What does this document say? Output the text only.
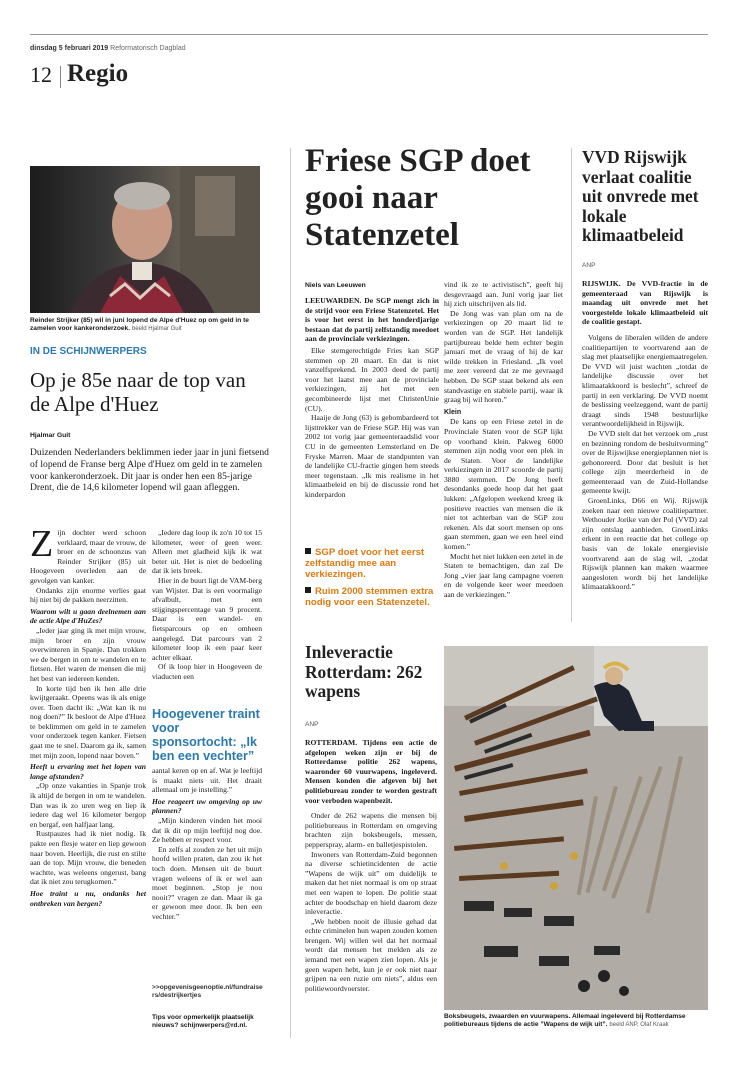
dinsdag 5 februari 2019 Reformatorisch Dagblad
12 Regio
Reinder Strijker (85) wil in juni lopend de Alpe d'Huez op om geld in te zamelen voor kankeronderzoek. beeld Hjalmar Guit
IN DE SCHIJNWERPERS
Op je 85e naar de top van de Alpe d'Huez
Hjalmar Guit
Duizenden Nederlanders beklimmen ieder jaar in juni fietsend of lopend de Franse berg Alpe d'Huez om geld in te zamelen voor kankeronderzoek. Dit jaar is onder hen een 85-jarige Drent, die de 14,6 kilometer lopend wil gaan afleggen.
Z ijn dochter werd schoon verklaard, maar de vrouw, de broer en de schoonzus van Reinder Strijker (85) uit Hoogeveen overleden aan de gevolgen van kanker.

Ondanks zijn enorme verlies gaat hij niet bij de pakken neerzitten.

Waarom wilt u gaan deelnemen aan de actie Alpe d'HuZes?

„Ieder jaar ging ik met mijn vrouw, mijn broer en zijn vrouw overwinteren in Spanje. Dan trokken we de bergen in om te wandelen en te fietsen. Het waren de mensen die mij het best van iedereen kenden.

In korte tijd ben ik hen alle drie kwijtgeraakt. Opeens was ik als enige over. Toen dacht ik: „Wat kan ik nu nog doen?” Ik besloot de Alpe d'Huez te beklimmen om geld in te zamelen voor onderzoek tegen kanker. Fietsen gaat me te snel. Daarom ga ik, samen met mijn zoon, lopend naar boven.”

Heeft u ervaring met het lopen van lange afstanden?

„Op onze vakanties in Spanje trok ik altijd de bergen in om te wandelen. Dan was ik zo uren weg en liep ik iedere dag wel 16 kilometer bergop en bergaf, een halfjaar lang.

Rustpauzes had ik niet nodig. Ik pakte een flesje water en liep gewoon naar boven. Heerlijk, die rust en stilte aan de top. Mijn vrouw, die beneden wachtte, was weleens ongerust, bang dat ik niet zou terugkomen.”

Hoe traint u nu, ondanks het ontbreken van bergen?

„Iedere dag loop ik zo'n 10 tot 15 kilometer, weer of geen weer. Alleen met gladheid kijk ik wat beter uit. Het is niet de bedoeling dat ik iets breek.

Hier in de buurt ligt de VAM-berg van Wijster. Dat is een voormalige afvalbult, met een stijgingspercentage van 9 procent. Daar is een wandel- en fietsparcours op en omheen aangelegd. Dat parcours van 2 kilometer loop ik een paar keer achter elkaar.

Of ik loop hier in Hoogeveen de viaducten een

Hoogevener traint voor sponsortocht: „Ik ben een vechter”

aantal keren op en af. Wat je leeftijd is maakt niets uit. Het draait allemaal om je instelling.”

Hoe reageert uw omgeving op uw plannen?

„Mijn kinderen vinden het mooi dat ik dit op mijn leeftijd nog doe. Ze hebben er respect voor.

En zelfs al zouden ze het uit mijn hoofd willen praten, dan zou ik het toch doen. Mensen uit de buurt vragen weleens of ik er wel aan moet beginnen. „Stop je nou nooit?” vragen ze dan. Maar ik ga er gewoon mee door. Ik ben een vechter.”

>>opgevenisgeenoptie.nl/fundraisers/destrijkertjes
Tips voor opmerkelijk plaatselijk nieuws? schijnwerpers@rd.nl.
Friese SGP doet gooi naar Statenzetel
Niels van Leeuwen

LEEUWARDEN. De SGP mengt zich in de strijd voor een Friese Statenzetel. Het is voor het eerst in het honderdjarige bestaan dat de partij zelfstandig meedoet aan de provinciale verkiezingen.

Elke stemgerechtigde Fries kan SGP stemmen op 20 maart. En dat is niet vanzelfsprekend. In 2003 deed de partij voor het laatst mee aan de provinciale verkiezingen, zij het met een gecombineerde lijst met ChristenUnie (CU).

Haaije de Jong (63) is gebombardeerd tot lijsttrekker van de Friese SGP. Hij was van 2002 tot vorig jaar gemeenteraadslid voor CU in de gemeenten Lemsterland en De Fryske Marren. Maar de standpunten van de landelijke CU-fractie gingen hem steeds meer tegenstaan. „Ik mis realisme in het klimaatbeleid en bij de discussie rond het kinderpardon

SGP doet voor het eerst zelfstandig mee aan verkiezingen.

Ruim 2000 stemmen extra nodig voor een Statenzetel.

vind ik ze te activistisch”, geeft hij desgevraagd aan. Juni vorig jaar liet hij zich uitschrijven als lid.

De Jong was van plan om na de verkiezingen op 20 maart lid te worden van de SGP. Het landelijk partijbureau belde hem echter begin januari met de vraag of hij de kar wilde trekken in Friesland. „Ik voel me zeer vereerd dat ze me gevraagd hebben. De SGP staat bekend als een standvastige en stabiele partij, waar ik graag bij wil horen.”

Klein

De kans op een Friese zetel in de Provinciale Staten voor de SGP lijkt op voorhand klein. Pakweg 6000 stemmen zijn nodig voor een plek in de Staten. Voor de landelijke verkiezingen in 2017 scoorde de partij 3880 stemmen. De Jong heeft desondanks goede hoop dat het gaat lukken: „Afgelopen weekend kreeg ik positieve reacties van mensen die ik niet tot achterban van de SGP zou rekenen. Als dat soort mensen op ons gaan stemmen, gaan we een heel eind komen.”

Mocht het niet lukken een zetel in de Staten te bemachtigen, dan zal De Jong „vier jaar lang campagne voeren en de volgende keer weer meedoen aan de verkiezingen.”

VVD Rijswijk verlaat coalitie uit onvrede met lokale klimaatbeleid
ANP

RIJSWIJK. De VVD-fractie in de gemeenteraad van Rijswijk is maandag uit onvrede met het voorgestelde lokale klimaatbeleid uit de coalitie gestapt.

Volgens de liberalen wilden de andere coalitiepartijen te voortvarend aan de slag met plaatselijke energiemaatregelen. De VVD wil juist wachten „totdat de landelijke discussie over het klimaatakkoord is beslecht”, schreef de partij in een verklaring. De VVD noemt de beslissing veelzeggend, want de partij draagt sinds 1948 bestuurlijke verantwoordelijkheid in Rijswijk.

De VVD stelt dat het verzoek om „rust en bezinning rondom de besluitvorming” over de Rijswijkse energieplannen niet is gehonoreerd. Door dat besluit is het college zijn meerderheid in de gemeenteraad van de Zuid-Hollandse gemeente kwijt.

GroenLinks, D66 en Wij. Rijswijk zoeken naar een nieuwe coalitiepartner. Wethouder Jorike van der Pol (VVD) zal zijn ontslag aanbieden. GroenLinks erkent in een reactie dat het college op basis van de lokale energievisie voortvarend aan de slag wil, „zodat Rijswijk plannen kan maken waarmee aangesloten wordt bij het landelijke klimaatakkoord.”

Inleveractie Rotterdam: 262 wapens
ANP

ROTTERDAM. Tijdens een actie de afgelopen weken zijn er bij de Rotterdamse politie 262 wapens, waaronder 60 vuurwapens, ingeleverd. Mensen konden die afgeven bij het politiebureau zonder te worden gestraft voor verboden wapenbezit.

Onder de 262 wapens die mensen bij politiebureaus in Rotterdam en omgeving brachten zijn boksbeugels, messen, pepperspray, alarm- en balletjespistolen.

Inwoners van Rotterdam-Zuid begonnen na diverse schietincidenten de actie ”Wapens de wijk uit” om duidelijk te maken dat het niet normaal is om op straat met een wapen te lopen. De politie staat achter de boodschap en hield daarom deze inleveractie.

„We hebben nooit de illusie gehad dat echte criminelen hun wapen zouden komen brengen. Wij willen wel dat het normaal wordt dat mensen het melden als ze iemand met een wapen zien lopen. Als je geen wapen hebt, kun je er ook niet naar grijpen na een ruzie om niets”, aldus een politiewoordvoerster.

Boksbeugels, zwaarden en vuurwapens. Allemaal ingeleverd bij Rotterdamse politiebureaus tijdens de actie ”Wapens de wijk uit”. beeld ANP, Olaf Kraak
